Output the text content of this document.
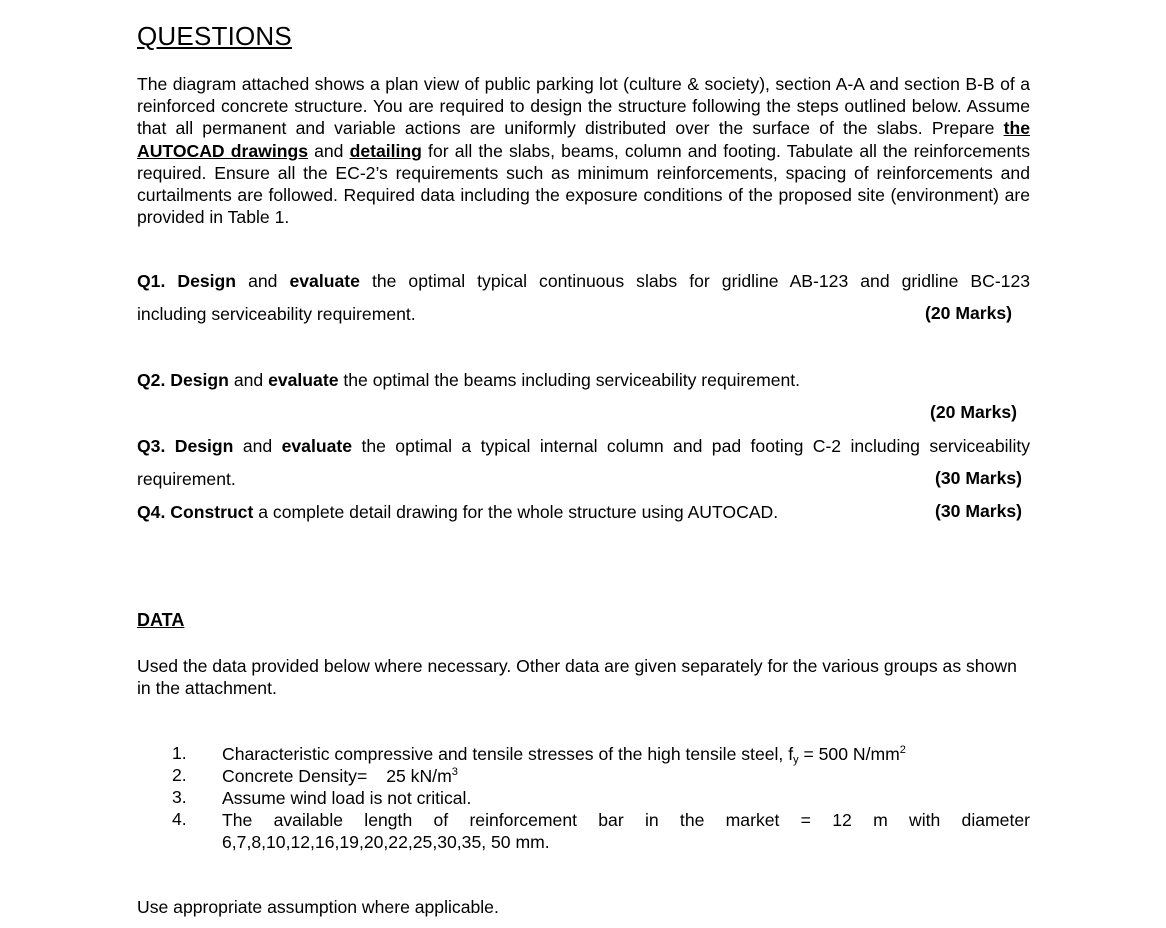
QUESTIONS
The diagram attached shows a plan view of public parking lot (culture & society), section A-A and section B-B of a reinforced concrete structure. You are required to design the structure following the steps outlined below. Assume that all permanent and variable actions are uniformly distributed over the surface of the slabs. Prepare the AUTOCAD drawings and detailing for all the slabs, beams, column and footing. Tabulate all the reinforcements required. Ensure all the EC-2’s requirements such as minimum reinforcements, spacing of reinforcements and curtailments are followed. Required data including the exposure conditions of the proposed site (environment) are provided in Table 1.
Q1. Design and evaluate the optimal typical continuous slabs for gridline AB-123 and gridline BC-123
including serviceability requirement.	(20 Marks)
Q2. Design and evaluate the optimal the beams including serviceability requirement.
(20 Marks)
Q3. Design and evaluate the optimal a typical internal column and pad footing C-2 including serviceability
requirement.	(30 Marks)
Q4. Construct a complete detail drawing for the whole structure using AUTOCAD.	(30 Marks)
DATA
Used the data provided below where necessary. Other data are given separately for the various groups as shown in the attachment.
1. Characteristic compressive and tensile stresses of the high tensile steel, $f_y = 500$ $N/mm^2$
2. Concrete Density= 25 $kN/m^3$
3. Assume wind load is not critical.
4. The available length of reinforcement bar in the market = 12 m with diameter
6,7,8,10,12,16,19,20,22,25,30,35, 50 mm.
Use appropriate assumption where applicable.
